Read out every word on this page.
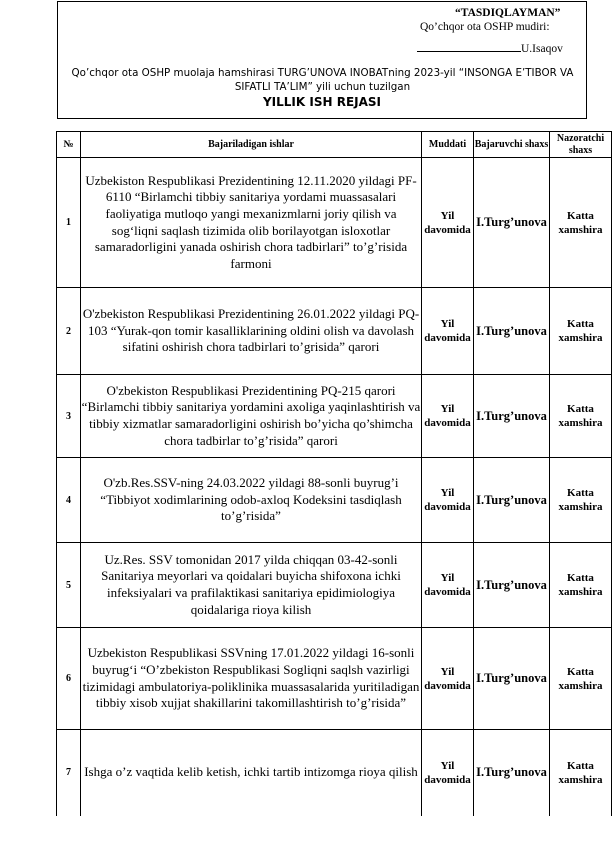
“TASDIQLAYMAN”
Qo’chqor ota OSHP mudiri:
U.Isaqov
Qo’chqor ota OSHP muolaja hamshirasi TURG’UNOVA INOBATning 2023-yil “INSONGA E’TIBOR VA SIFATLI TA’LIM” yili uchun tuzilgan
YILLIK ISH REJASI
№	Bajariladigan ishlar	Muddati	Bajaruvchi shaxs	Nazoratchi shaxs
1	Uzbekiston Respublikasi Prezidentining 12.11.2020 yildagi PF-6110 “Birlamchi tibbiy sanitariya yordami muassasalari faoliyatiga mutloqo yangi mexanizmlarni joriy qilish va sog‘liqni saqlash tizimida olib borilayotgan isloxotlar samaradorligini yanada oshirish chora tadbirlari” to’g’risida farmoni	Yil davomida	I.Turg’unova	Katta xamshira
2	O'zbekiston Respublikasi Prezidentining 26.01.2022 yildagi PQ-103 “Yurak-qon tomir kasalliklarining oldini olish va davolash sifatini oshirish chora tadbirlari to’grisida” qarori	Yil davomida	I.Turg’unova	Katta xamshira
3	O'zbekiston Respublikasi Prezidentining PQ-215 qarori “Birlamchi tibbiy sanitariya yordamini axoliga yaqinlashtirish va tibbiy xizmatlar samaradorligini oshirish bo’yicha qo’shimcha chora tadbirlar to’g’risida” qarori	Yil davomida	I.Turg’unova	Katta xamshira
4	O'zb.Res.SSV-ning 24.03.2022 yildagi 88-sonli buyrug’i “Tibbiyot xodimlarining odob-axloq Kodeksini tasdiqlash to’g’risida”	Yil davomida	I.Turg’unova	Katta xamshira
5	Uz.Res. SSV tomonidan 2017 yilda chiqqan 03-42-sonli Sanitariya meyorlari va qoidalari buyicha shifoxona ichki infeksiyalari va prafilaktikasi sanitariya epidimiologiya qoidalariga rioya kilish	Yil davomida	I.Turg’unova	Katta xamshira
6	Uzbekiston Respublikasi SSVning 17.01.2022 yildagi 16-sonli buyrug‘i “O’zbekiston Respublikasi Sogliqni saqlsh vazirligi tizimidagi ambulatoriya-poliklinika muassasalarida yuritiladigan tibbiy xisob xujjat shakillarini takomillashtirish to’g’risida”	Yil davomida	I.Turg’unova	Katta xamshira
7	Ishga o’z vaqtida kelib ketish, ichki tartib intizomga rioya qilish	Yil davomida	I.Turg’unova	Katta xamshira
